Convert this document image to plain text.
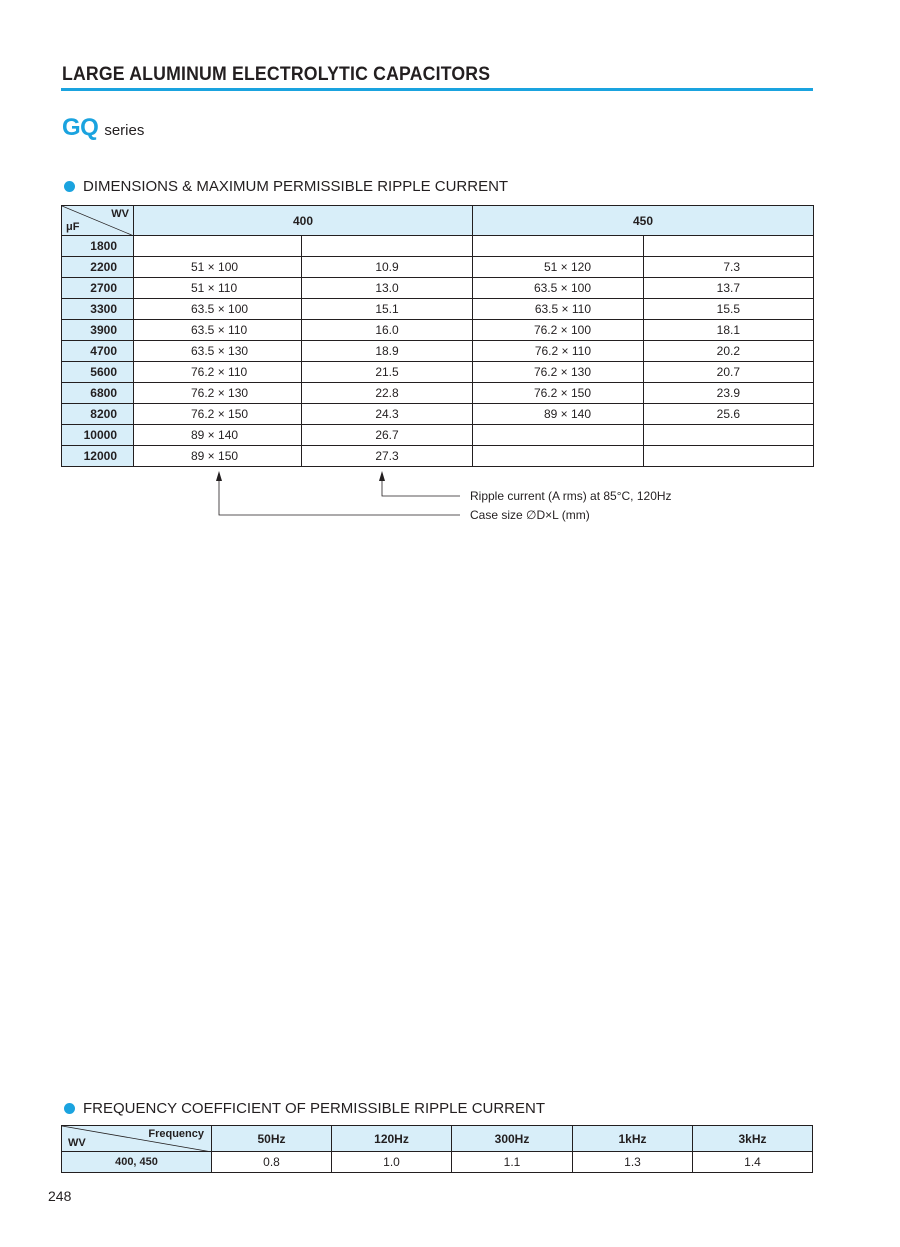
LARGE ALUMINUM ELECTROLYTIC CAPACITORS
GQ series
DIMENSIONS & MAXIMUM PERMISSIBLE RIPPLE CURRENT
WV
μF	400		450	
1800				
2200	51 × 100	10.9	51 × 120	7.3
2700	51 × 110	13.0	63.5 × 100	13.7
3300	63.5 × 100	15.1	63.5 × 110	15.5
3900	63.5 × 110	16.0	76.2 × 100	18.1
4700	63.5 × 130	18.9	76.2 × 110	20.2
5600	76.2 × 110	21.5	76.2 × 130	20.7
6800	76.2 × 130	22.8	76.2 × 150	23.9
8200	76.2 × 150	24.3	89 × 140	25.6
10000	89 × 140	26.7		
12000	89 × 150	27.3		
Ripple current (A rms) at 85°C, 120Hz
Case size ∅D×L (mm)
FREQUENCY COEFFICIENT OF PERMISSIBLE RIPPLE CURRENT
Frequency
WV	50Hz	120Hz	300Hz	1kHz	3kHz
400, 450	0.8	1.0	1.1	1.3	1.4
248
